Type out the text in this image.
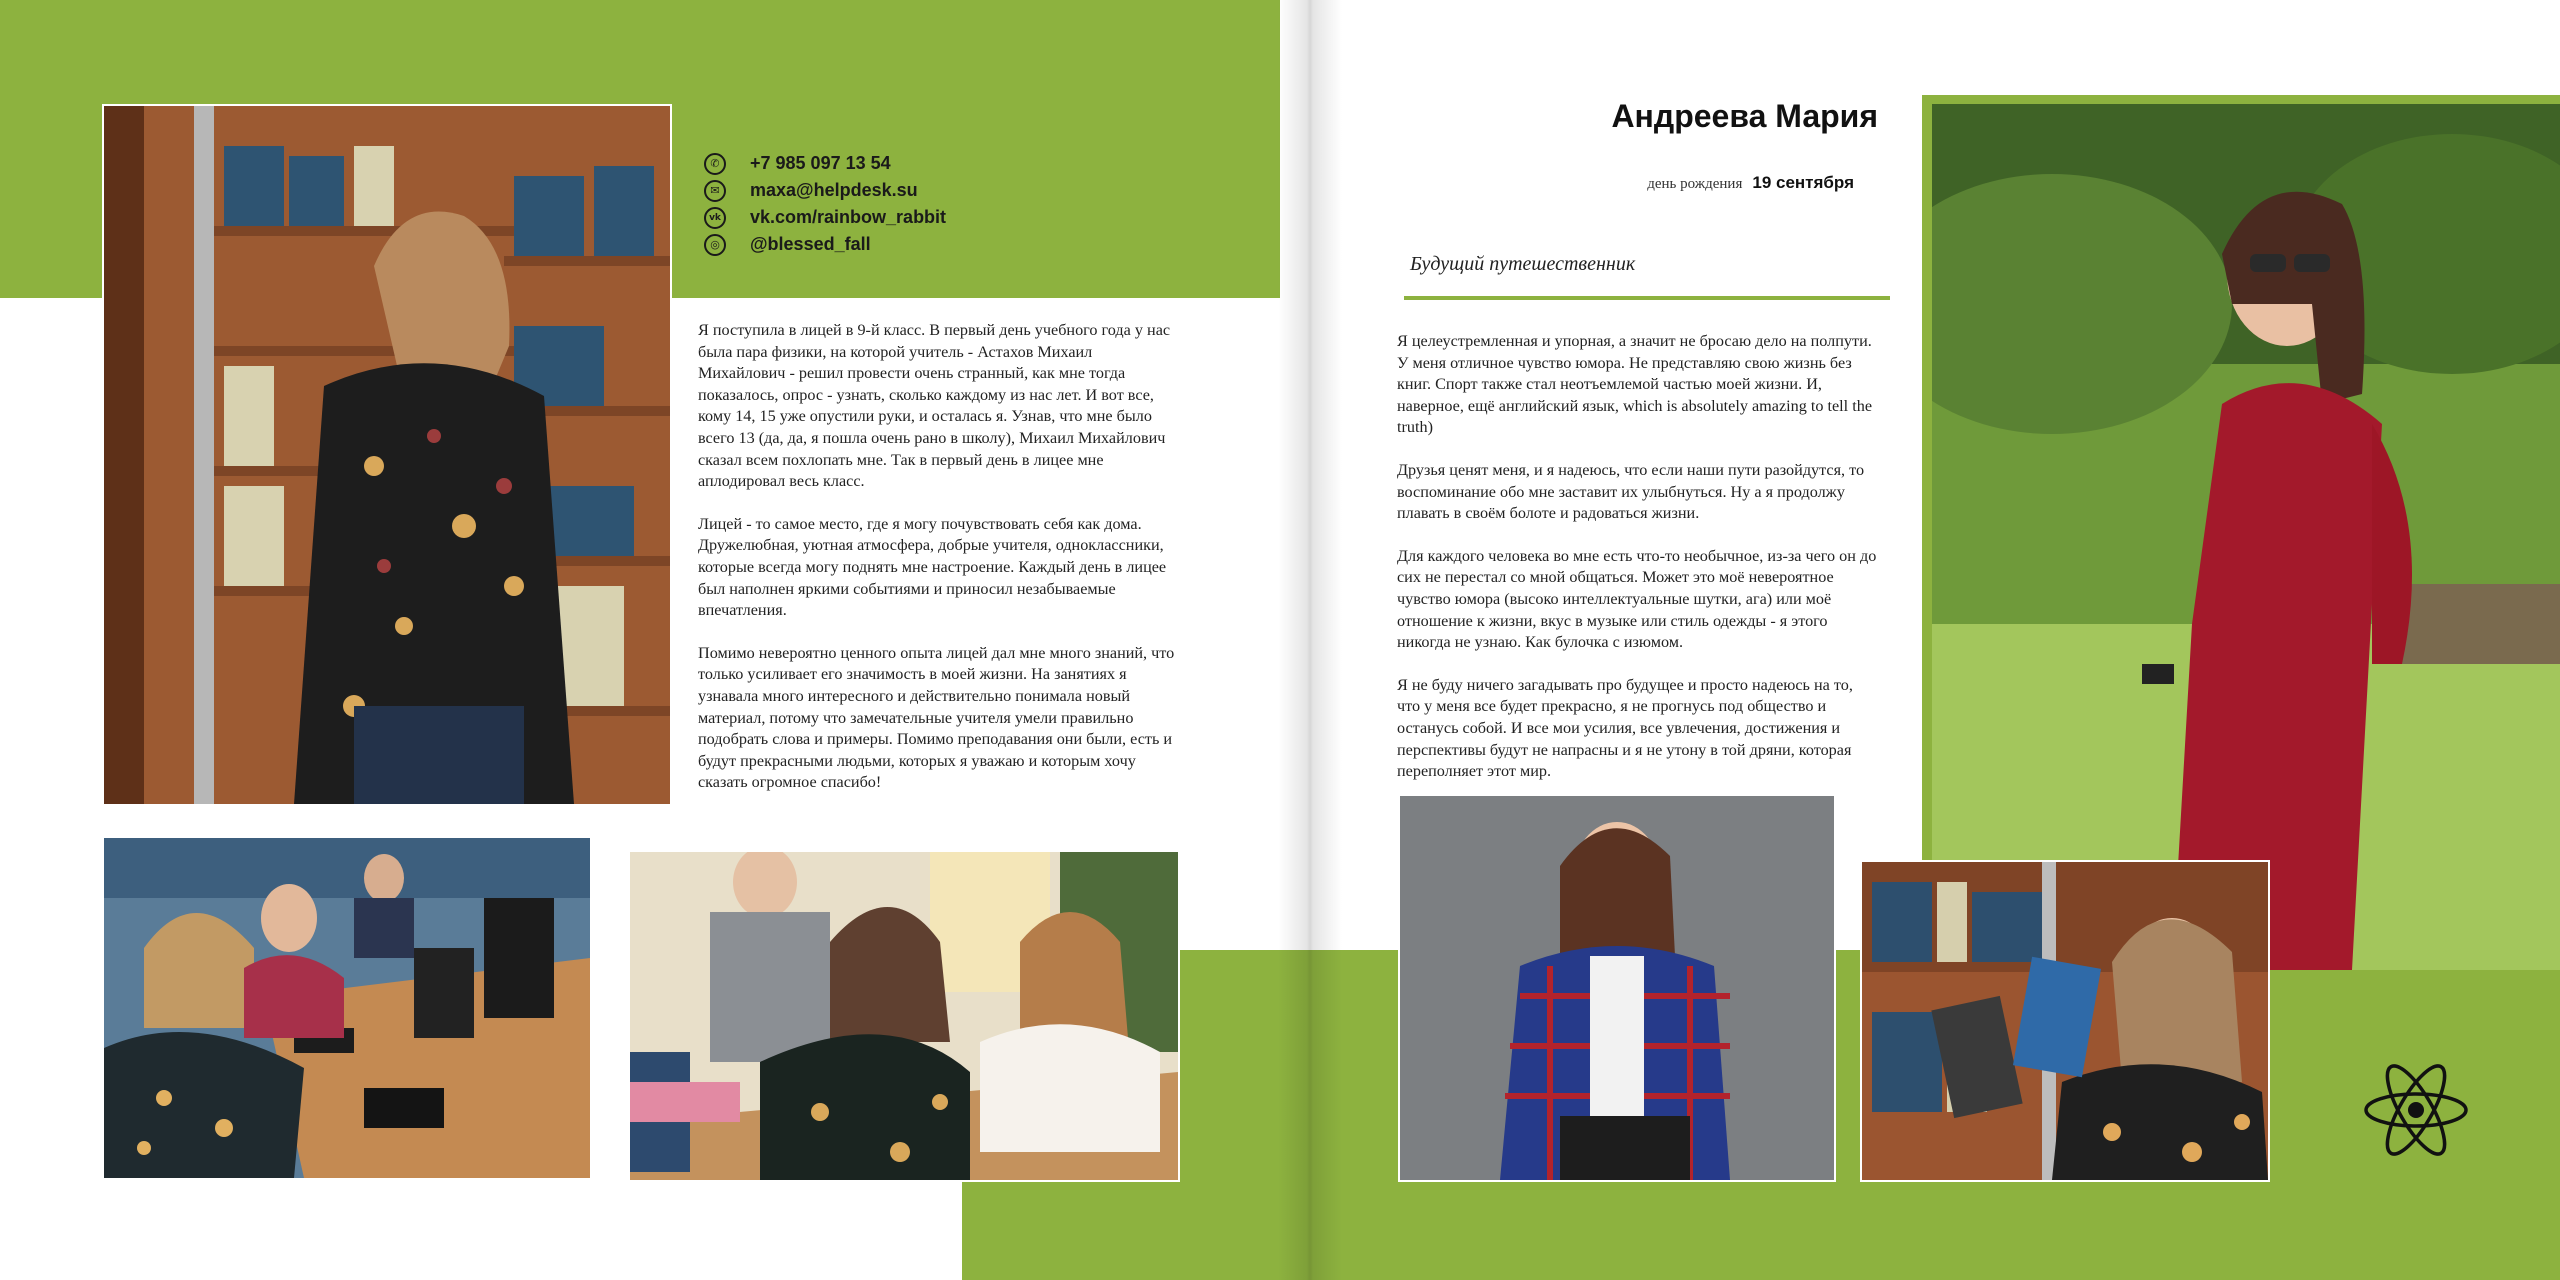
✆	+7 985 097 13 54
✉	maxa@helpdesk.su
vk vk.com/rainbow_rabbit
◎	@blessed_fall

Я поступила в лицей в 9-й класс. В первый день учебного года у нас была пара физики, на которой учитель - Астахов Михаил Михайлович - решил провести очень странный, как мне тогда показалось, опрос - узнать, сколько каждому из нас лет. И вот все, кому 14, 15 уже опустили руки, и осталась я. Узнав, что мне было всего 13 (да, да, я пошла очень рано в школу), Михаил Михайлович сказал всем похлопать мне. Так в первый день в лицее мне аплодировал весь класс.

Лицей - то самое место, где я могу почувствовать себя как дома. Дружелюбная, уютная атмосфера, добрые учителя, одноклассники, которые всегда могу поднять мне настроение. Каждый день в лицее был наполнен яркими событиями и приносил незабываемые впечатления.

Помимо невероятно ценного опыта лицей дал мне много знаний, что только усиливает его значимость в моей жизни. На занятиях я узнавала много интересного и действительно понимала новый материал, потому что замечательные учителя умели правильно подобрать слова и примеры. Помимо преподавания они были, есть и будут прекрасными людьми, которых я уважаю и которым хочу сказать огромное спасибо!

Андреева Мария
день рождения 19 сентября
Будущий путешественник

Я целеустремленная и упорная, а значит не бросаю дело на полпути. У меня отличное чувство юмора. Не представляю свою жизнь без книг. Спорт также стал неотъемлемой частью моей жизни. И, наверное, ещё английский язык, which is absolutely amazing to tell the truth)

Друзья ценят меня, и я надеюсь, что если наши пути разойдутся, то воспоминание обо мне заставит их улыбнуться. Ну а я продолжу плавать в своём болоте и радоваться жизни.

Для каждого человека во мне есть что-то необычное, из-за чего он до сих не перестал со мной общаться. Может это моё невероятное чувство юмора (высоко интеллектуальные шутки, ага) или моё отношение к жизни, вкус в музыке или стиль одежды - я этого никогда не узнаю. Как булочка с изюмом.

Я не буду ничего загадывать про будущее и просто надеюсь на то, что у меня все будет прекрасно, я не прогнусь под общество и останусь собой. И все мои усилия, все увлечения, достижения и перспективы будут не напрасны и я не утону в той дряни, которая переполняет этот мир.
